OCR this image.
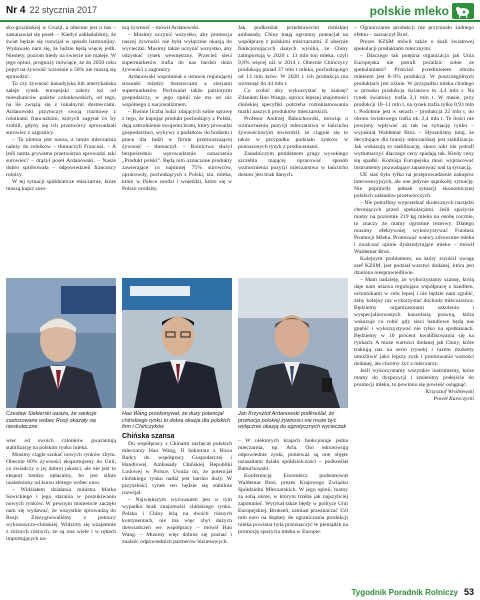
Nr 4 22 stycznia 2017	polskie mleko

sko-gruzińskiej w Gruzji, a obecnie jest u nas – zastanawiał się poseł. – Kiedyś zakładaliśmy, że świat będzie się rozwijał w sposób harmonijny. Wydawało nam się, że ludzie będą więcej jedli. Niestety, poziom biedy na świecie nie maleje. W jego opinii, prognozy mówiące, że do 2050 roku popyt na żywność wzrośnie o 50% nie muszą się sprawdzić.

To czy żywność kanadyjska lub amerykańska zaleje rynek europejski zależy też od mieszkańców państw członkowskich, od tego, na ile zwiążą się z lokalnymi dostawcami. Ardanowski przytoczył swoją rozmowę z rolnikami francuskimi, których zapytał co by zrobili, gdyby się ich przetwórcy sprowadzali surowiec z zagranicy.

– Ta ulotnia jest nasza, a tamta mleczarnia należy do rolników – tłumaczyli Francuzi. – A jeśli tamta prywatna przetwórnia sprowadzi taki surowiec? – drążył poseł Ardanowski. – Nasze dobro spróbowała – odpowiedzieli francuscy rolnicy.

W tej sytuacji spółdzielcze mleczarnie, które muszą kupić suro-

szą żywność – mówił Ardanowski.

– Musimy uczynić wszystko, aby promocja naszej żywności nie była wyłącznie okazją do wycieczki. Musimy także uczynić wszystko, aby odzyskać rynek wewnętrzny. Przecież sieci supermarketów trafia do nas bardzo dużo żywności z zagranicy.

Ardanowski wspomniał o ustawie regulującej stosunki między dostawcami a sieciami supermarketów. Pochwalał także patriotyzm gospodarczy, w jego opinii nie ma on nic wspólnego z nacjonalizmem.

– Rośnie liczba ludzi zdających sobie sprawę z tego, że kupując produkt pochodzący z Polski, dają zatrudnienie swojemu bratu, który prowadzi gospodarstwo, wybywy z podatków do budżetu i pracę dla ludzi w firmie przetwarzającej żywność – tłumaczył. – Rolnictwa służył bezpośrednio wprowadzenie oznaczenia „Produkt polski”. Będą nim oznaczone produkty zawierające co najmniej 75% surowców, opracowdy, pochodzących z Polski, tzn. mleka, które w Polsce urodzi i wnieździ, które się w Polsce urodziły.

Jak podkreślał przedstawiciel chińskiej ambasady, Chiny mają ogromny potencjał na współpracę z polskimi mleczarzami. Z obecnie funkcjonujących danych wynika, że Chiny zaimportują w 2020 r. 13 mln ton mleka, czyli 9,8% więcej niż w 2014 r. Obecnie Chińczycy produkują ponad 37 mln t mleka, pochodzącego od 13 mln krów. W 2020 r. ich produkcja ma wzrosnąć do 44 mln t.

Co zrobić aby wykorzystać tę szansę? Zdaniem Hao Wanga, oprócz lepszej znajomości chińskiej specyfiki potrzeba rozreklamowania marki naszych produktów mleczarskich.

Profesor Andrzej Babuchowski, mówiąc o wzmocnieniu pozycji mleczarstwa w łańcuchu żywnościowym stwierdził, że ciągnie się to także w przypadku podziału zysków w ponoszonych ryzyk z producentami.

Zasadniczym problemem grupy wysokiego szczebla mającej opracować sposób wzmocnienia pozycji mleczarstwa w łańcuchu dostaw jest brak danych.

– Ograniczanie produkcji nie przyniosło żadnego efektu – zaznaczył Broś.

Prezes KZSM mówił także o skali światowej spekulacji produktami mlecznymi.

– Dlaczego tak potężna organizacja jak Unia Europejska nie potrafi poradzić sobie ze spekulantami? Przecież przedmiotem obrotu mlekiem jest 8–9% produkcji. W poszczególnych produktach jest różnie. W przypadku mleka chudego w proszku produkcja światowa to 4,4 mln t. Na rynek światowy trafia 2,1 mln t. W masie, przy produkcji 10–11 mln t, na rynek trafia tylko 0,93 mln t. Podobnie jest w serach – produkcja 22 mln t, do obrotu światowego trafia ok. 2,4 mln t. Te ilości nie powinny wpływać aż tak na sytuację rynku – wyjaśniał Waldemar Broś. – Słyszeliśmy tutaj, że decydujące dla branży mleczarskiej jest stabilizacja. Jak wskazują to stabilizację, skoro nikt nie potrafi wytłumaczyć dlaczego ceny spadają tak. Kiedy ceny się spadki. Komisja Europejska musi wypracować instrumenty pozwalające zapanować nad tą sytuacją.

UE stać było tylko na przeprowadzenie zakupów interwencyjnych, ale one jedynie uspokoiły sytuację. Nie poprawiły jednak sytuacji ekonomicznej polskich zakładów przetwórczych.

– Nie potrafimy wyprzedzać skutecznych narzędzi chroniących przed spekulacjami. Jeśli spożycie mamy na poziomie 219 kg mleka na osobę rocznie, to znaczy że mamy ogromne rezerwy. Dlatego musimy efektywniej wykorzystywać Fundusz Promocji Mleka. Promować walory zdrowotne mleka i zwalczać opinie dyskredytujące mleko – mówił Waldemar Broś.

Kolejnym problemem, na który zwrócił uwagę szef KZSM, jest podział warstwi dodanej, która jest dzielona niesprawiedliwie.

– Mam nadzieję, że wykorzystamy szansę, którą daje nam ustawa regulująca współpracę z handlem, ochotnikami w celu lepiej i nie będzie nam zgubić, żeby kolejny raz wykorzystać dochody mleczarstwa. Będziemy organizatorami szkolenia i wyspecjalizowanych kancelarią prawną, która wskazuje co robić gdy sieci handlowe będą nas gnębić i wykorzystywać nie tylko na spotkaniach. Będziemy w 10 procent kwalifikowania się na rynkach. A może wartości dodanej jak Chiny, które traktują nas na serio (rynek) i razem możemy umożliwić jako lepszy zysk i promowania wartości dodanej, ale chcemy żyć z mleczarzy.

Jeśli wykorzystamy wszystkie instrumenty, które mamy do dyspozycji i zmienimy podejście do promocji mleka, to powinno się powieść osiągnąć.

Krzysztof Wróblewski
Paweł Kuroczycki
Czesław Siekierski uważa, że sankcje zastosowane wobec Rosji okazały się nieskuteczne
Hao Wang przekonywał, że duży potencjał chińskiego rynku to dobra okazja dla polskich firm i Chińczyków
Jan Krzysztof Ardanowski podkreślał, że promocja polskiej żywności nie może być wyłącznie okazją do egzotycznych wycieczek

wiec od swoich członków gwarantują stabilizację na polskim rynku mleka.

Musimy ciągle szukać nowych rynków zbytu. Obecnie 80% żywności eksportujemy do Unii, co świadczy o jej dobrej jakości, ale nie jest to eksport bardzo opłacalny, bo jest silnie uzależniony od kursu złotego wobec euro.

– Widziałem działania ministra Marka Sawickiego i jego starania w poszukiwaniu nowych rynków. W pewnym momencie zaczęło nam się wydawać, że wszystkie sprowadzą do Rosji. Zrezygnowaliśmy z pomocy wykonawczo-chińskiej. Widzimy się wzajemnie z różnych różnych, że są ona wiele i w rękach importujących na-

Chińska szansa

Do współpracy z Chinami zachęcał polskich mleczarzy Hao Wang, II Sekretarz z Biura Radcy ds. współpracy Gospodarczej i Handlowej. Ambasady Chińskiej Republiki Ludowej w Polsce. Uważa on, że potencjał chińskiego rynku nadal jest bardzo duży. W przyszłości rynek ten będzie się stabilnie rozwijał.

– Największym wyzwaniem jest w tym wypadku brak znajomości chińskiego rynku. Polska i Chiny leżą na dwóch różnych kontynentach, nie ma więc zbyt dużych doświadczeń we współpracy – mówił Hao Wang. – Musimy więc dobrze się poznać i znaleźć odpowiednich partnerów biznesowych.

– W niektórych krajach funkcjonuje jedna mleczarnia, np. Arla. Oni odnotowują odpowiednie zyski, ponieważ są one objęte tazasadami działu spółdzielczości – podkreślał Babuchowski.

Konferencję Euromlecz podsumował Waldemar Broś, prezes Krajowego Związku Spółdzielni Mleczarskich. W jego opinii, mamy za sobą okres, w którym trzeba jak najszybciej zapomnieć. Wytykał także błędy w polityce Unii Europejskiej. Brukseli, zamiast przeznaczać 150 mln euro na dopłaty do ograniczania produkcji mleka powinna była przeznaczyć te pieniądze na promocję spożycia mleka w Europie.

Tygodnik Poradnik Rolniczy 53
